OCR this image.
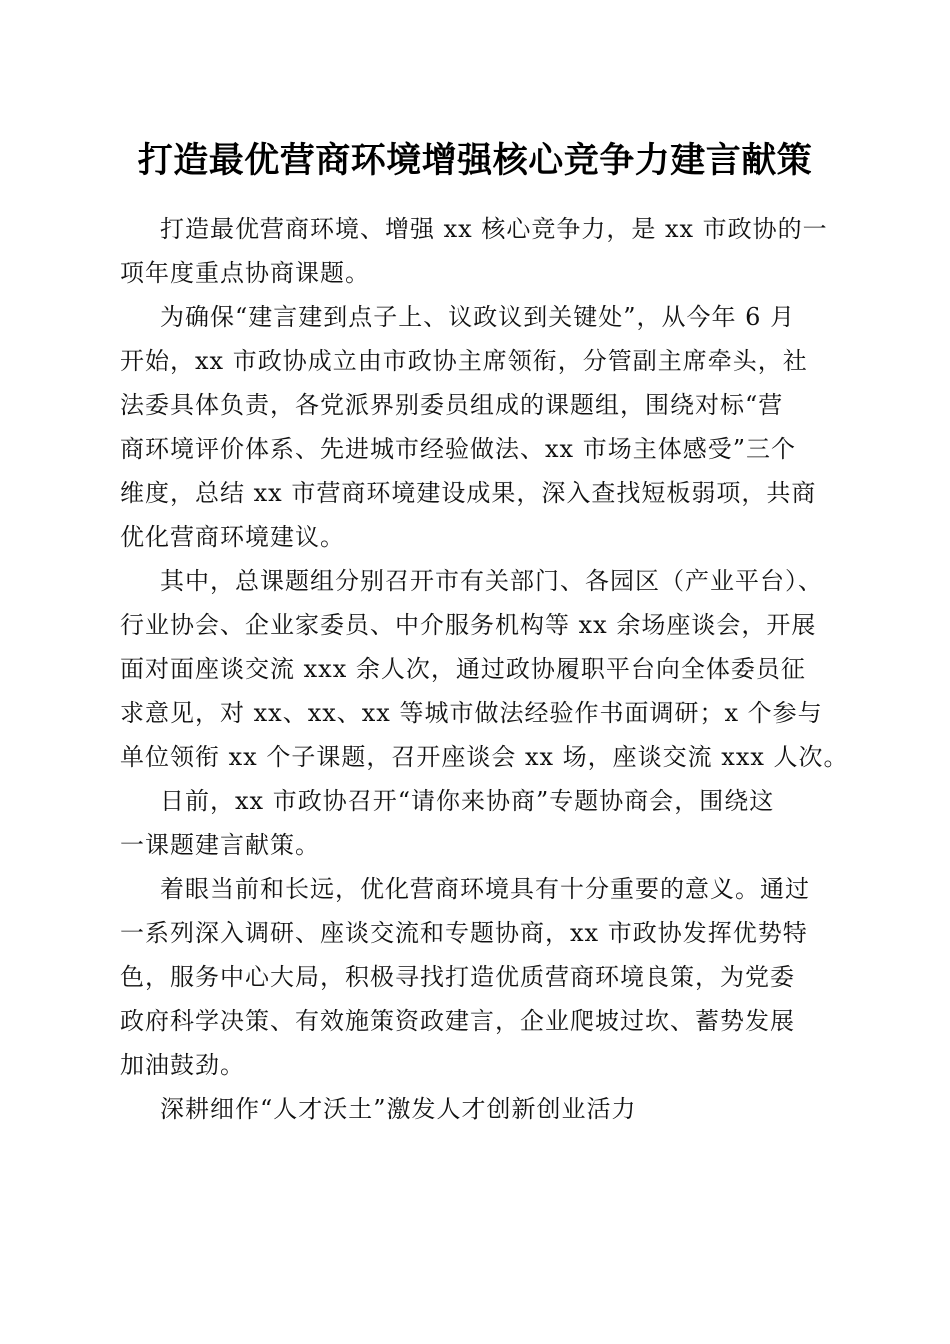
打造最优营商环境增强核心竞争力建言献策

打造最优营商环境、增强 xx 核心竞争力，是 xx 市政协的一
项年度重点协商课题。

为确保“建言建到点子上、议政议到关键处”，从今年 6 月
开始，xx 市政协成立由市政协主席领衔，分管副主席牵头，社
法委具体负责，各党派界别委员组成的课题组，围绕对标“营
商环境评价体系、先进城市经验做法、xx 市场主体感受”三个
维度，总结 xx 市营商环境建设成果，深入查找短板弱项，共商
优化营商环境建议。

其中，总课题组分别召开市有关部门、各园区（产业平台）、
行业协会、企业家委员、中介服务机构等 xx 余场座谈会，开展
面对面座谈交流 xxx 余人次，通过政协履职平台向全体委员征
求意见，对 xx、xx、xx 等城市做法经验作书面调研；x 个参与
单位领衔 xx 个子课题，召开座谈会 xx 场，座谈交流 xxx 人次。

日前，xx 市政协召开“请你来协商”专题协商会，围绕这
一课题建言献策。

着眼当前和长远，优化营商环境具有十分重要的意义。通过
一系列深入调研、座谈交流和专题协商，xx 市政协发挥优势特
色，服务中心大局，积极寻找打造优质营商环境良策，为党委
政府科学决策、有效施策资政建言，企业爬坡过坎、蓄势发展
加油鼓劲。

深耕细作“人才沃土”激发人才创新创业活力
